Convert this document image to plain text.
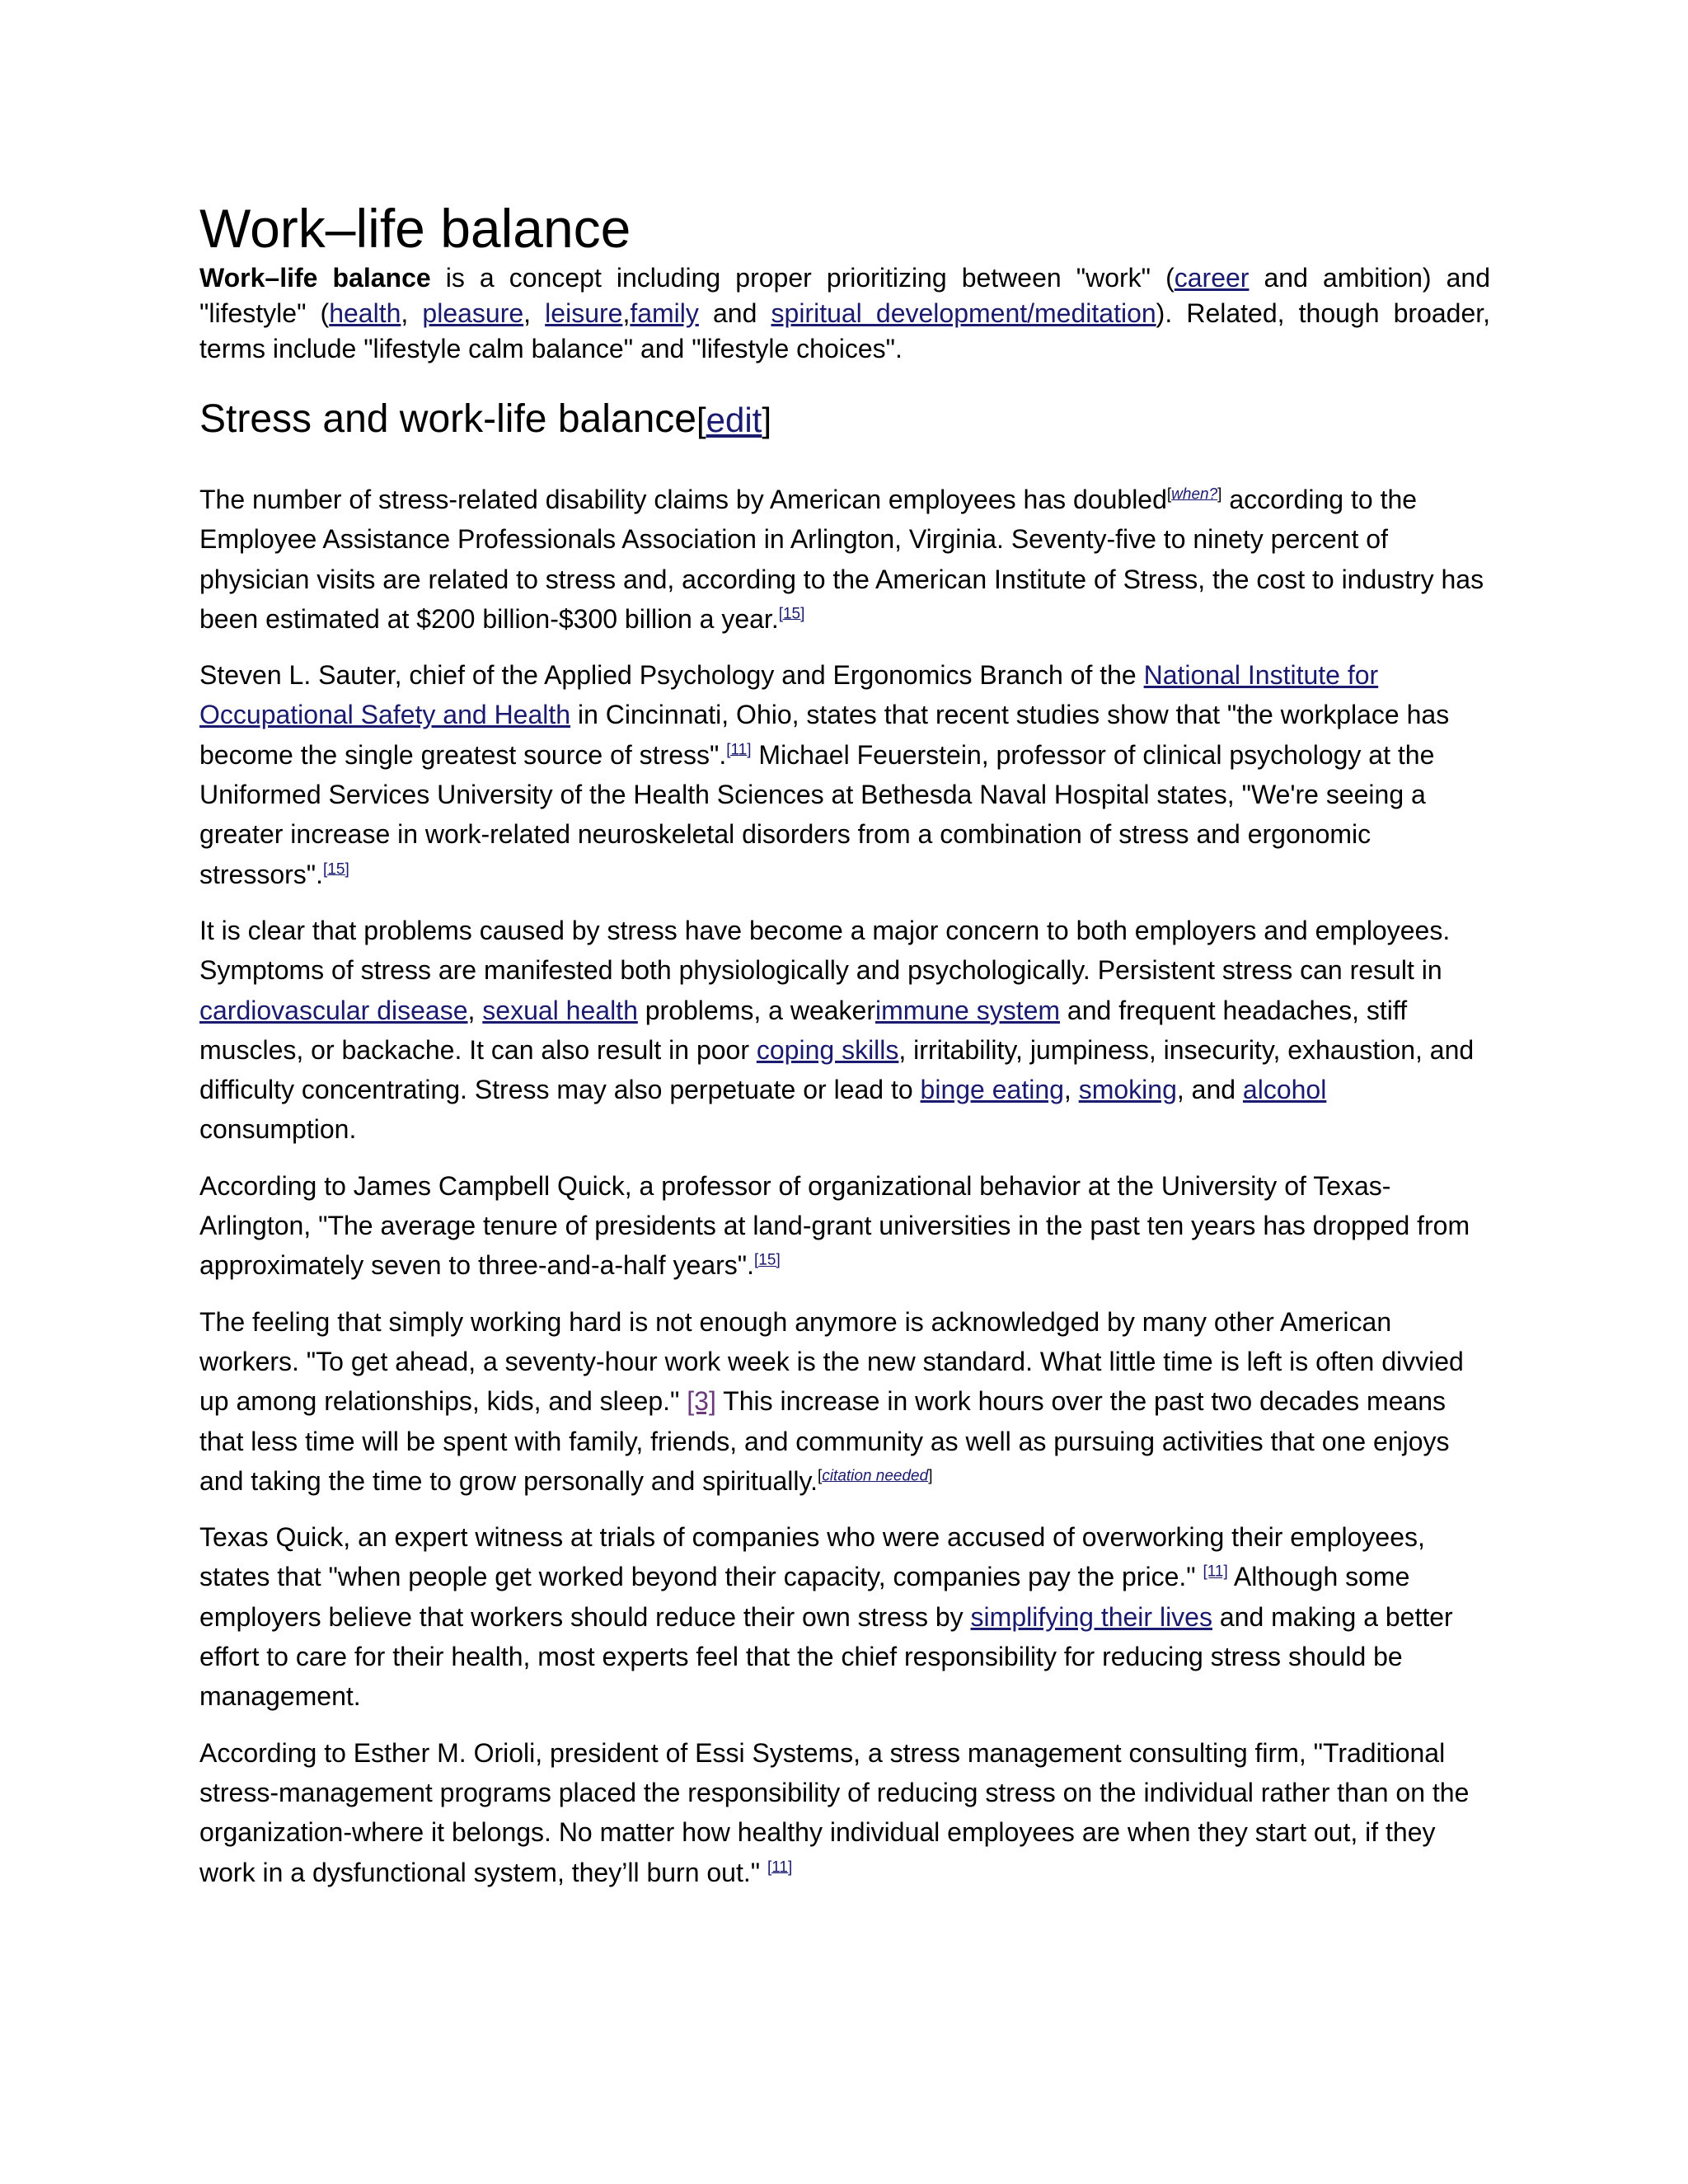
Work–life balance

Work–life balance is a concept including proper prioritizing between "work" (career and ambition) and "lifestyle" (health, pleasure, leisure,family and spiritual development/meditation). Related, though broader, terms include "lifestyle calm balance" and "lifestyle choices".

Stress and work-life balance[edit]

The number of stress-related disability claims by American employees has doubled[when?] according to the Employee Assistance Professionals Association in Arlington, Virginia. Seventy-five to ninety percent of physician visits are related to stress and, according to the American Institute of Stress, the cost to industry has been estimated at $200 billion-$300 billion a year.[15]

Steven L. Sauter, chief of the Applied Psychology and Ergonomics Branch of the National Institute for Occupational Safety and Health in Cincinnati, Ohio, states that recent studies show that "the workplace has become the single greatest source of stress".[11] Michael Feuerstein, professor of clinical psychology at the Uniformed Services University of the Health Sciences at Bethesda Naval Hospital states, "We're seeing a greater increase in work-related neuroskeletal disorders from a combination of stress and ergonomic stressors".[15]

It is clear that problems caused by stress have become a major concern to both employers and employees. Symptoms of stress are manifested both physiologically and psychologically. Persistent stress can result in cardiovascular disease, sexual health problems, a weakerimmune system and frequent headaches, stiff muscles, or backache. It can also result in poor coping skills, irritability, jumpiness, insecurity, exhaustion, and difficulty concentrating. Stress may also perpetuate or lead to binge eating, smoking, and alcohol consumption.

According to James Campbell Quick, a professor of organizational behavior at the University of Texas-Arlington, "The average tenure of presidents at land-grant universities in the past ten years has dropped from approximately seven to three-and-a-half years".[15]

The feeling that simply working hard is not enough anymore is acknowledged by many other American workers. "To get ahead, a seventy-hour work week is the new standard. What little time is left is often divvied up among relationships, kids, and sleep." [3] This increase in work hours over the past two decades means that less time will be spent with family, friends, and community as well as pursuing activities that one enjoys and taking the time to grow personally and spiritually.[citation needed]

Texas Quick, an expert witness at trials of companies who were accused of overworking their employees, states that "when people get worked beyond their capacity, companies pay the price." [11] Although some employers believe that workers should reduce their own stress by simplifying their lives and making a better effort to care for their health, most experts feel that the chief responsibility for reducing stress should be management.

According to Esther M. Orioli, president of Essi Systems, a stress management consulting firm, "Traditional stress-management programs placed the responsibility of reducing stress on the individual rather than on the organization-where it belongs. No matter how healthy individual employees are when they start out, if they work in a dysfunctional system, they’ll burn out." [11]
